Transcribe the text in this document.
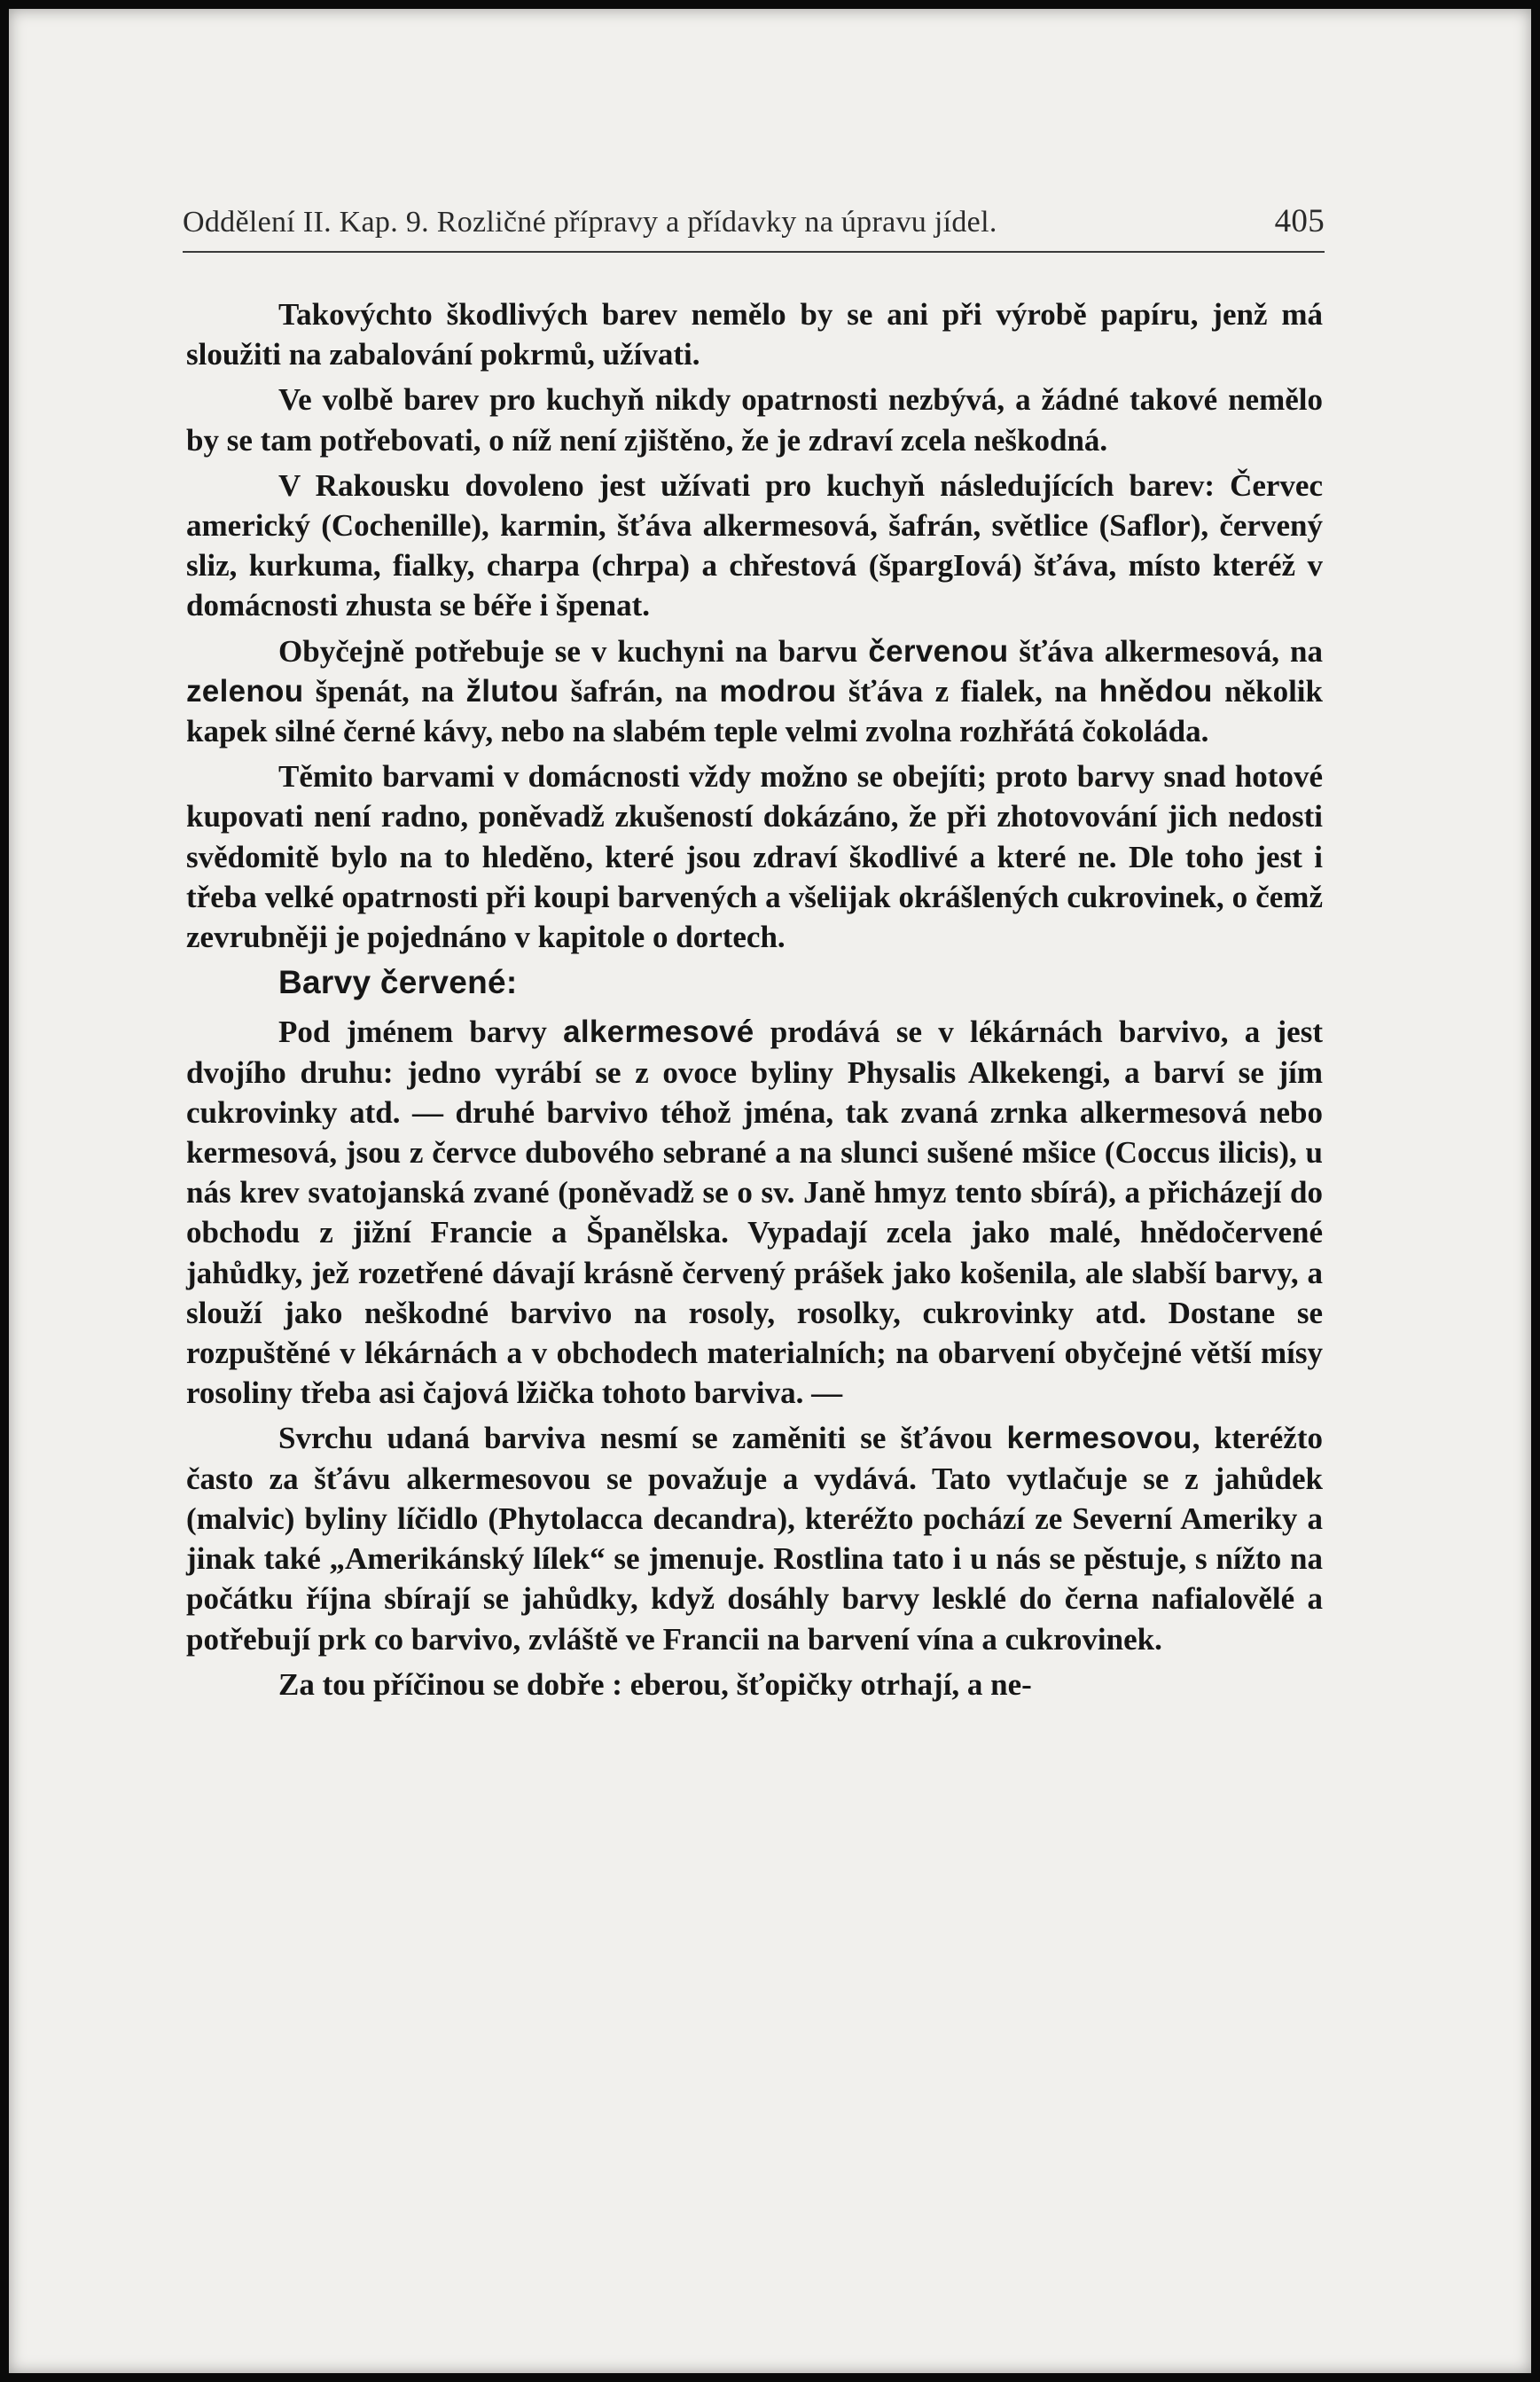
Oddělení II. Kap. 9. Rozličné přípravy a přídavky na úpravu jídel.	405

Takovýchto škodlivých barev nemělo by se ani při výrobě papíru, jenž má sloužiti na zabalování pokrmů, užívati.

Ve volbě barev pro kuchyň nikdy opatrnosti nezbývá, a žádné takové nemělo by se tam potřebovati, o níž není zjištěno, že je zdraví zcela neškodná.

V Rakousku dovoleno jest užívati pro kuchyň následujících barev: Červec americký (Cochenille), karmin, šťáva alkermesová, šafrán, světlice (Saflor), červený sliz, kurkuma, fialky, charpa (chrpa) a chřestová (špargIová) šťáva, místo kteréž v domácnosti zhusta se béře i špenat.

Obyčejně potřebuje se v kuchyni na barvu červenou šťáva alkermesová, na zelenou špenát, na žlutou šafrán, na modrou šťáva z fialek, na hnědou několik kapek silné černé kávy, nebo na slabém teple velmi zvolna rozhřátá čokoláda.

Těmito barvami v domácnosti vždy možno se obejíti; proto barvy snad hotové kupovati není radno, poněvadž zkušeností dokázáno, že při zhotovování jich nedosti svědomitě bylo na to hleděno, které jsou zdraví škodlivé a které ne. Dle toho jest i třeba velké opatrnosti při koupi barvených a všelijak okrášlených cukrovinek, o čemž zevrubněji je pojednáno v kapitole o dortech.

Barvy červené:

Pod jménem barvy alkermesové prodává se v lékárnách barvivo, a jest dvojího druhu: jedno vyrábí se z ovoce byliny Physalis Alkekengi, a barví se jím cukrovinky atd. — druhé barvivo téhož jména, tak zvaná zrnka alkermesová nebo kermesová, jsou z červce dubového sebrané a na slunci sušené mšice (Coccus ilicis), u nás krev svatojanská zvané (poněvadž se o sv. Janě hmyz tento sbírá), a přicházejí do obchodu z jižní Francie a Španělska. Vypadají zcela jako malé, hnědočervené jahůdky, jež rozetřené dávají krásně červený prášek jako košenila, ale slabší barvy, a slouží jako neškodné barvivo na rosoly, rosolky, cukrovinky atd. Dostane se rozpuštěné v lékárnách a v obchodech materialních; na obarvení obyčejné větší mísy rosoliny třeba asi čajová lžička tohoto barviva. —

Svrchu udaná barviva nesmí se zaměniti se šťávou kermesovou, kteréžto často za šťávu alkermesovou se považuje a vydává. Tato vytlačuje se z jahůdek (malvic) byliny líčidlo (Phytolacca decandra), kteréžto pochází ze Severní Ameriky a jinak také „Amerikánský lílek“ se jmenuje. Rostlina tato i u nás se pěstuje, s nížto na počátku října sbírají se jahůdky, když dosáhly barvy lesklé do černa nafialovělé a potřebují prk co barvivo, zvláště ve Francii na barvení vína a cukrovinek.

Za tou příčinou se dobře : eberou, šťopičky otrhají, a ne-
